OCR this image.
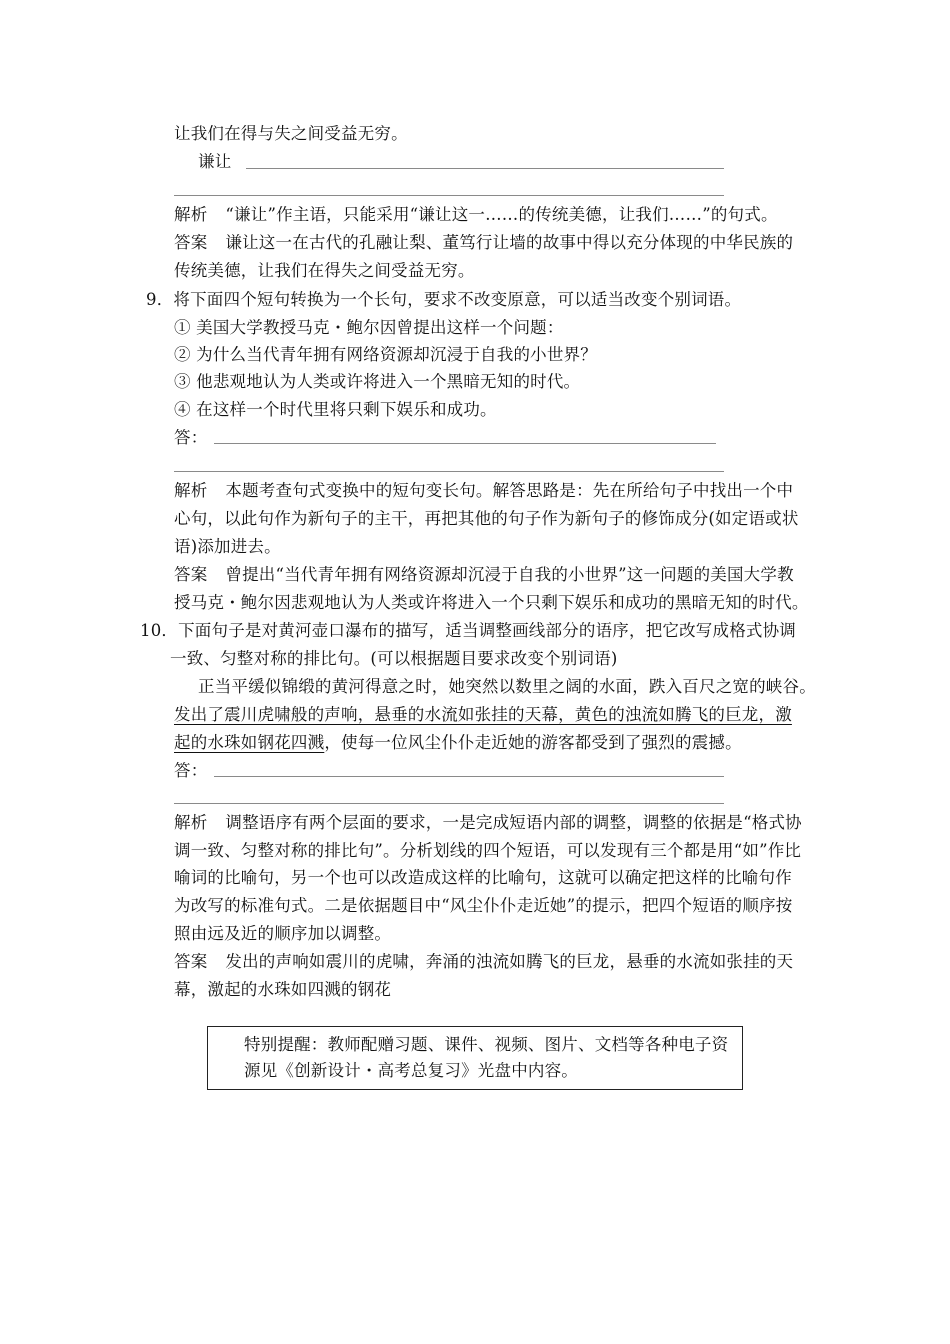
让我们在得与失之间受益无穷。
谦让
解析 “谦让”作主语，只能采用“谦让这一……的传统美德，让我们……”的句式。
答案 谦让这一在古代的孔融让梨、董笃行让墙的故事中得以充分体现的中华民族的
传统美德，让我们在得失之间受益无穷。
9．将下面四个短句转换为一个长句，要求不改变原意，可以适当改变个别词语。
① 美国大学教授马克・鲍尔因曾提出这样一个问题：
② 为什么当代青年拥有网络资源却沉浸于自我的小世界？
③ 他悲观地认为人类或许将进入一个黑暗无知的时代。
④ 在这样一个时代里将只剩下娱乐和成功。
答：
解析 本题考查句式变换中的短句变长句。解答思路是：先在所给句子中找出一个中
心句，以此句作为新句子的主干，再把其他的句子作为新句子的修饰成分(如定语或状
语)添加进去。
答案 曾提出“当代青年拥有网络资源却沉浸于自我的小世界”这一问题的美国大学教
授马克・鲍尔因悲观地认为人类或许将进入一个只剩下娱乐和成功的黑暗无知的时代。
10．下面句子是对黄河壶口瀑布的描写，适当调整画线部分的语序，把它改写成格式协调
一致、匀整对称的排比句。(可以根据题目要求改变个别词语)
正当平缓似锦缎的黄河得意之时，她突然以数里之阔的水面，跌入百尺之宽的峡谷。
发出了震川虎啸般的声响，悬垂的水流如张挂的天幕，黄色的浊流如腾飞的巨龙，激
起的水珠如钢花四溅，使每一位风尘仆仆走近她的游客都受到了强烈的震撼。
答：
解析 调整语序有两个层面的要求，一是完成短语内部的调整，调整的依据是“格式协
调一致、匀整对称的排比句”。分析划线的四个短语，可以发现有三个都是用“如”作比
喻词的比喻句，另一个也可以改造成这样的比喻句，这就可以确定把这样的比喻句作
为改写的标准句式。二是依据题目中“风尘仆仆走近她”的提示，把四个短语的顺序按
照由远及近的顺序加以调整。
答案 发出的声响如震川的虎啸，奔涌的浊流如腾飞的巨龙，悬垂的水流如张挂的天
幕，激起的水珠如四溅的钢花
特别提醒：教师配赠习题、课件、视频、图片、文档等各种电子资
源见《创新设计・高考总复习》光盘中内容。
